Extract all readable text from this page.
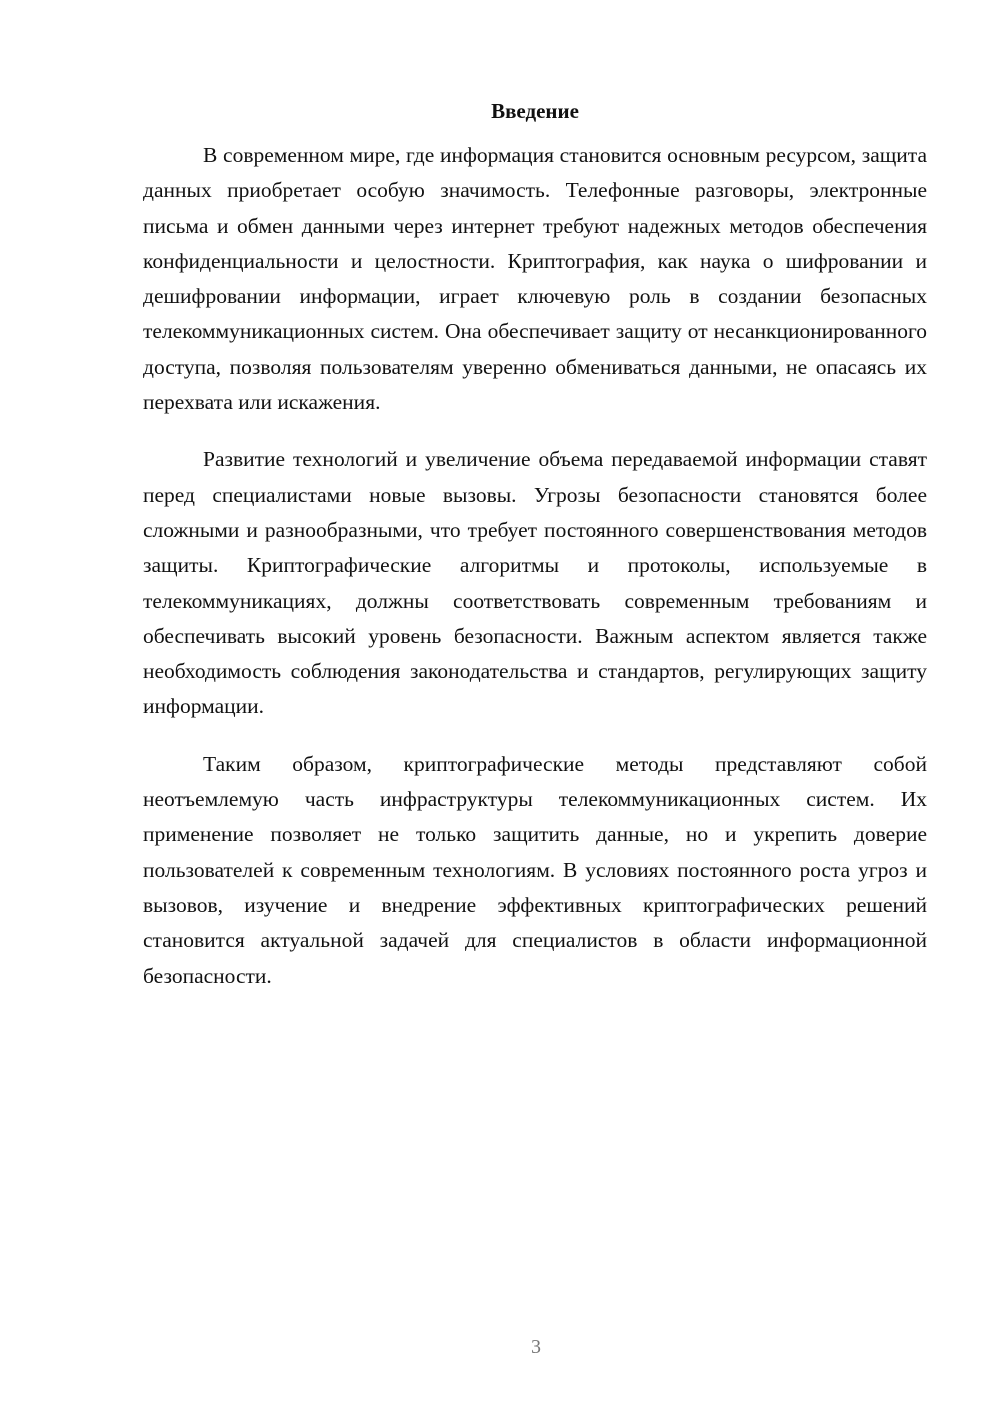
Введение

В современном мире, где информация становится основным ресурсом, защита данных приобретает особую значимость. Телефонные разговоры, электронные письма и обмен данными через интернет требуют надежных методов обеспечения конфиденциальности и целостности. Криптография, как наука о шифровании и дешифровании информации, играет ключевую роль в создании безопасных телекоммуникационных систем. Она обеспечивает защиту от несанкционированного доступа, позволяя пользователям уверенно обмениваться данными, не опасаясь их перехвата или искажения.

Развитие технологий и увеличение объема передаваемой информации ставят перед специалистами новые вызовы. Угрозы безопасности становятся более сложными и разнообразными, что требует постоянного совершенствования методов защиты. Криптографические алгоритмы и протоколы, используемые в телекоммуникациях, должны соответствовать современным требованиям и обеспечивать высокий уровень безопасности. Важным аспектом является также необходимость соблюдения законодательства и стандартов, регулирующих защиту информации.

Таким образом, криптографические методы представляют собой неотъемлемую часть инфраструктуры телекоммуникационных систем. Их применение позволяет не только защитить данные, но и укрепить доверие пользователей к современным технологиям. В условиях постоянного роста угроз и вызовов, изучение и внедрение эффективных криптографических решений становится актуальной задачей для специалистов в области информационной безопасности.

3
